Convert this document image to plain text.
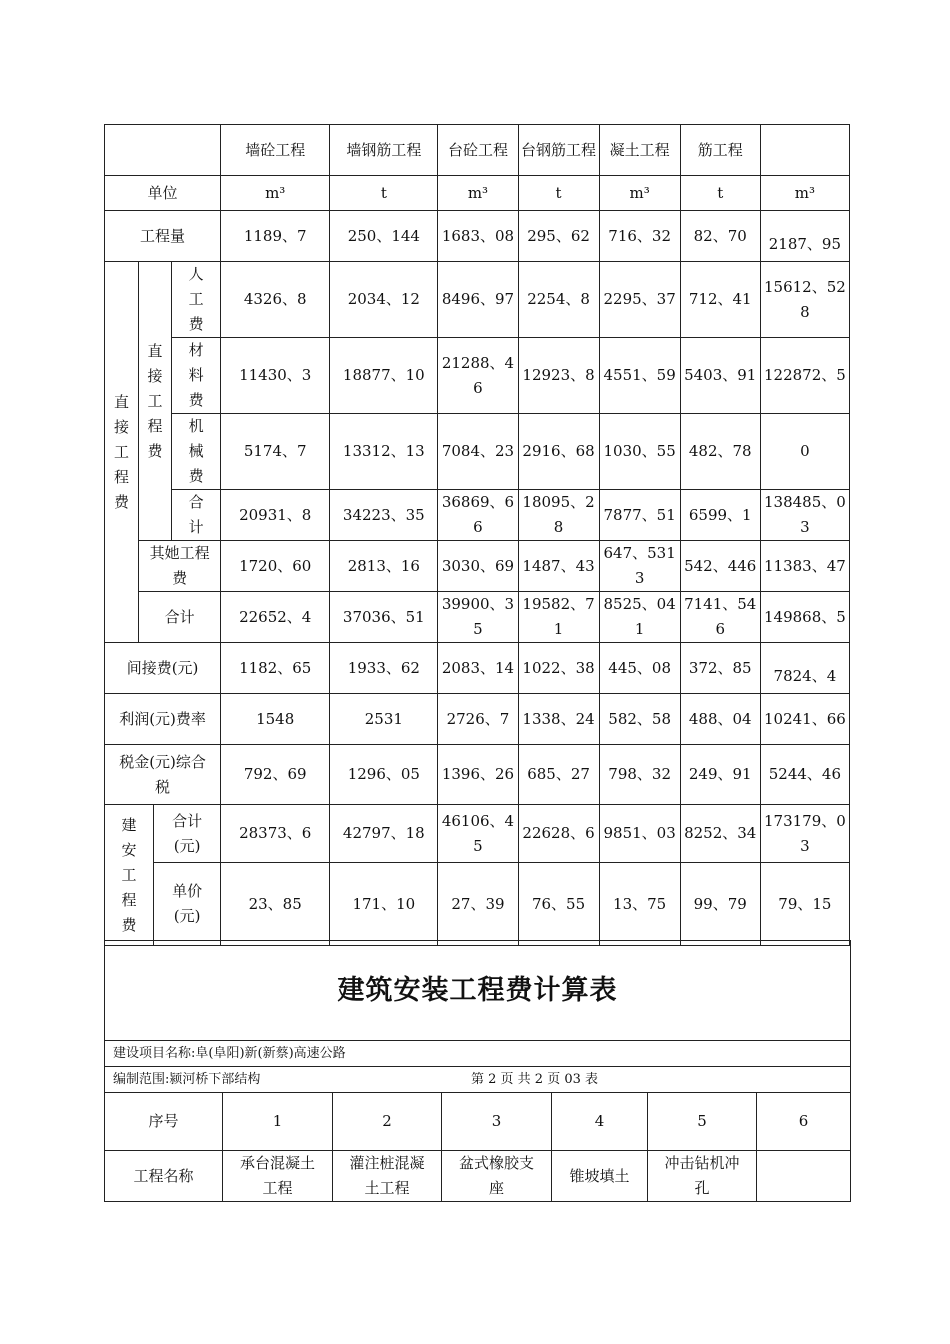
				墙砼工程	墙钢筋工程	台砼工程	台钢筋工程	凝土工程	筋工程	
单位				m³	t	m³	t	m³	t	m³
工程量				1189、7	250、144	1683、08	295、62	716、32	82、70	2187、95

直接工程费	直接工程费		人工费	4326、8	2034、12	8496、97	2254、8	2295、37	712、41	15612、528

			材料费	11430、3	18877、10	21288、46	12923、8	4551、59	5403、91	122872、5

			机械费	5174、7	13312、13	7084、23	2916、68	1030、55	482、78	0

			合计	20931、8	34223、35	36869、66	18095、28	7877、51	6599、1	138485、03

	其她工程费			1720、60	2813、16	3030、69	1487、43	647、5313	542、446	11383、47
	合计			22652、4	37036、51	39900、35	19582、71	8525、041	7141、546	149868、5
间接费(元)				1182、65	1933、62	2083、14	1022、38	445、08	372、85	7824、4
利润(元)费率				1548	2531	2726、7	1338、24	582、58	488、04	10241、66

税金(元)综合税				792、69	1296、05	1396、26	685、27	798、32	249、91	5244、46

建安工程费		合计(元)		28373、6	42797、18	46106、45	22628、6	9851、03	8252、34	173179、03

		单价(元)		23、85	171、10	27、39	76、55	13、75	99、79	79、15
建筑安装工程费计算表						
建设项目名称:阜(阜阳)新(新蔡)高速公路						
编制范围:颍河桥下部结构 第 2 页 共 2 页 03 表						

序号	1	2	3	4	5	6
工程名称	承台混凝土工程	灌注桩混凝土工程	盆式橡胶支座	锥坡填土	冲击钻机冲孔	
